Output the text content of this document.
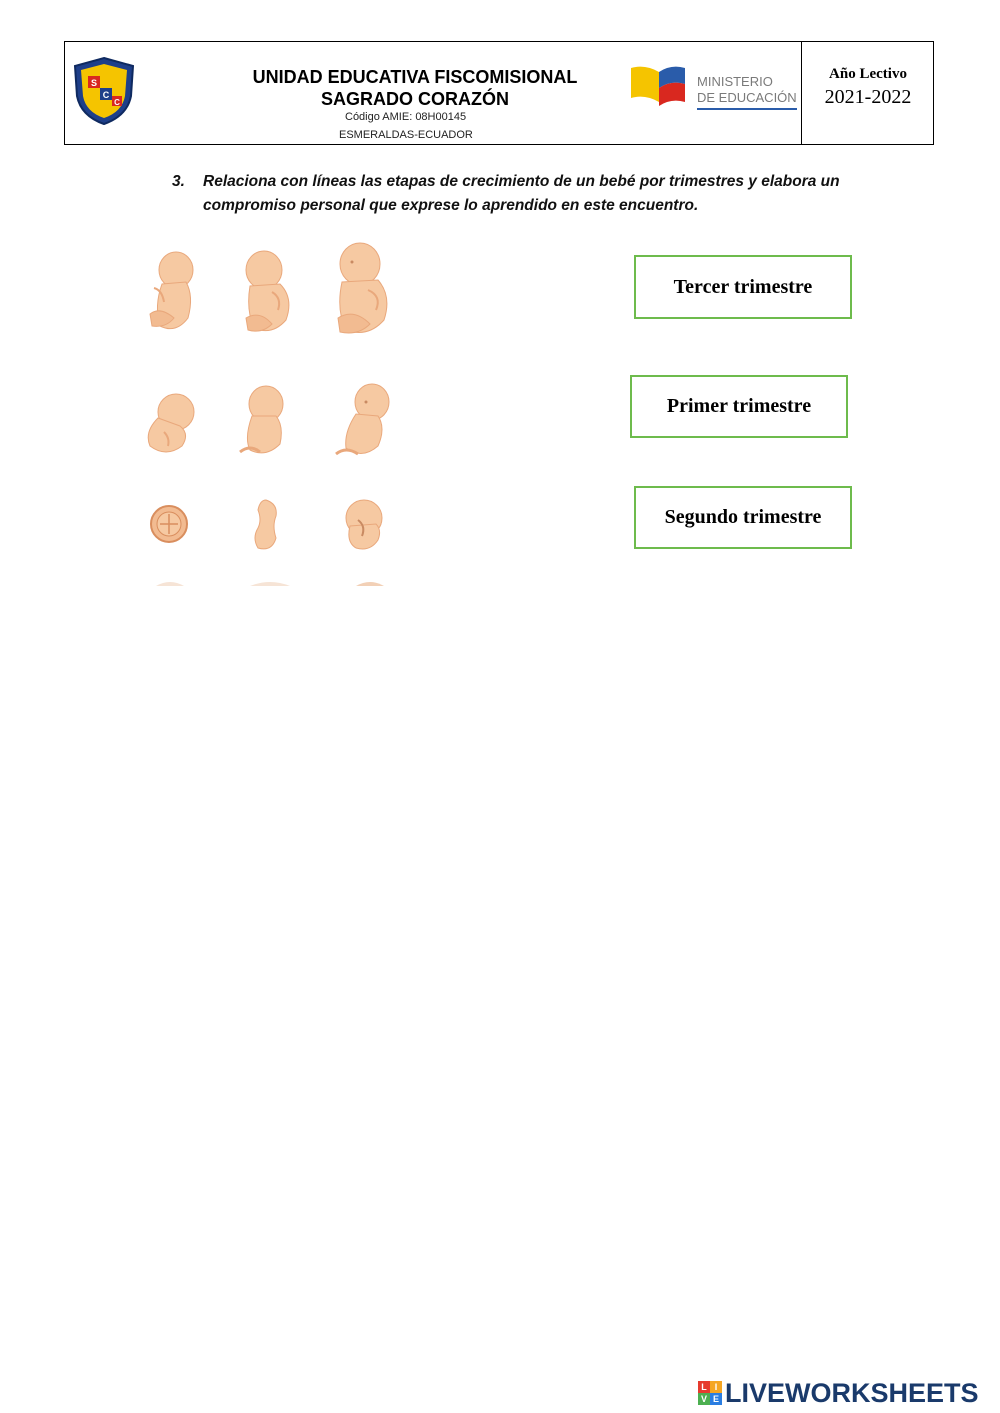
S
C
C
UNIDAD EDUCATIVA FISCOMISIONAL
SAGRADO CORAZÓN
Código AMIE: 08H00145
ESMERALDAS-ECUADOR
MINISTERIO
DE EDUCACIÓN
Año Lectivo
2021-2022
3. Relaciona con líneas las etapas de crecimiento de un bebé por trimestres y elabora un compromiso personal que exprese lo aprendido en este encuentro.
Tercer trimestre
Primer trimestre
Segundo trimestre
L I
V E LIVEWORKSHEETS
